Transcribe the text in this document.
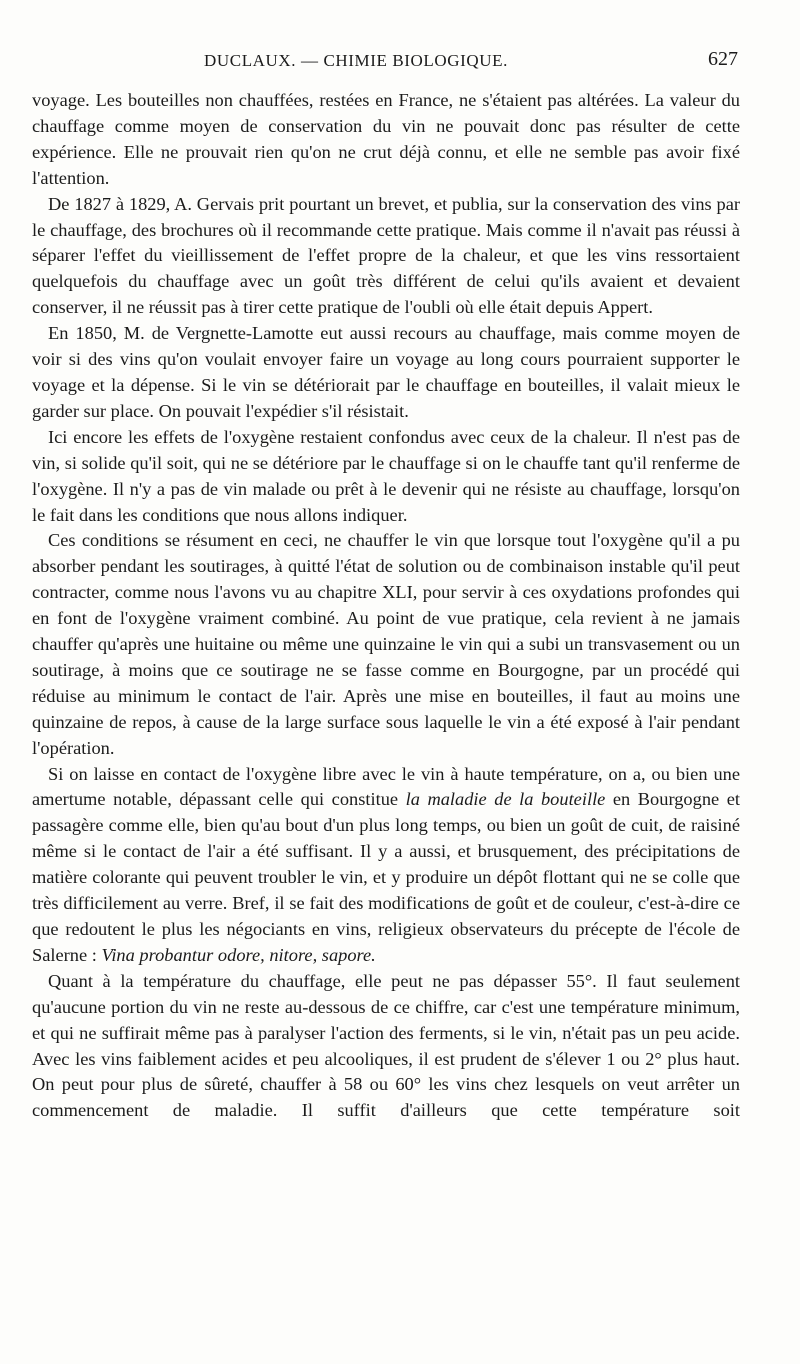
DUCLAUX. — CHIMIE BIOLOGIQUE.	627

voyage. Les bouteilles non chauffées, restées en France, ne s'étaient pas altérées. La valeur du chauffage comme moyen de conservation du vin ne pouvait donc pas résulter de cette expérience. Elle ne prouvait rien qu'on ne crut déjà connu, et elle ne semble pas avoir fixé l'attention.

De 1827 à 1829, A. Gervais prit pourtant un brevet, et publia, sur la conservation des vins par le chauffage, des brochures où il recommande cette pratique. Mais comme il n'avait pas réussi à séparer l'effet du vieillissement de l'effet propre de la chaleur, et que les vins ressortaient quelquefois du chauffage avec un goût très différent de celui qu'ils avaient et devaient conserver, il ne réussit pas à tirer cette pratique de l'oubli où elle était depuis Appert.

En 1850, M. de Vergnette-Lamotte eut aussi recours au chauffage, mais comme moyen de voir si des vins qu'on voulait envoyer faire un voyage au long cours pourraient supporter le voyage et la dépense. Si le vin se détériorait par le chauffage en bouteilles, il valait mieux le garder sur place. On pouvait l'expédier s'il résistait.

Ici encore les effets de l'oxygène restaient confondus avec ceux de la chaleur. Il n'est pas de vin, si solide qu'il soit, qui ne se détériore par le chauffage si on le chauffe tant qu'il renferme de l'oxygène. Il n'y a pas de vin malade ou prêt à le devenir qui ne résiste au chauffage, lorsqu'on le fait dans les conditions que nous allons indiquer.

Ces conditions se résument en ceci, ne chauffer le vin que lorsque tout l'oxygène qu'il a pu absorber pendant les soutirages, à quitté l'état de solution ou de combinaison instable qu'il peut contracter, comme nous l'avons vu au chapitre XLI, pour servir à ces oxydations profondes qui en font de l'oxygène vraiment combiné. Au point de vue pratique, cela revient à ne jamais chauffer qu'après une huitaine ou même une quinzaine le vin qui a subi un transvasement ou un soutirage, à moins que ce soutirage ne se fasse comme en Bourgogne, par un procédé qui réduise au minimum le contact de l'air. Après une mise en bouteilles, il faut au moins une quinzaine de repos, à cause de la large surface sous laquelle le vin a été exposé à l'air pendant l'opération.

Si on laisse en contact de l'oxygène libre avec le vin à haute température, on a, ou bien une amertume notable, dépassant celle qui constitue la maladie de la bouteille en Bourgogne et passagère comme elle, bien qu'au bout d'un plus long temps, ou bien un goût de cuit, de raisiné même si le contact de l'air a été suffisant. Il y a aussi, et brusquement, des précipitations de matière colorante qui peuvent troubler le vin, et y produire un dépôt flottant qui ne se colle que très difficilement au verre. Bref, il se fait des modifications de goût et de couleur, c'est-à-dire ce que redoutent le plus les négociants en vins, religieux observateurs du précepte de l'école de Salerne : Vina probantur odore, nitore, sapore.

Quant à la température du chauffage, elle peut ne pas dépasser 55°. Il faut seulement qu'aucune portion du vin ne reste au-dessous de ce chiffre, car c'est une température minimum, et qui ne suffirait même pas à paralyser l'action des ferments, si le vin, n'était pas un peu acide. Avec les vins faiblement acides et peu alcooliques, il est prudent de s'élever 1 ou 2° plus haut. On peut pour plus de sûreté, chauffer à 58 ou 60° les vins chez lesquels on veut arrêter un commencement de maladie. Il suffit d'ailleurs que cette température soit
